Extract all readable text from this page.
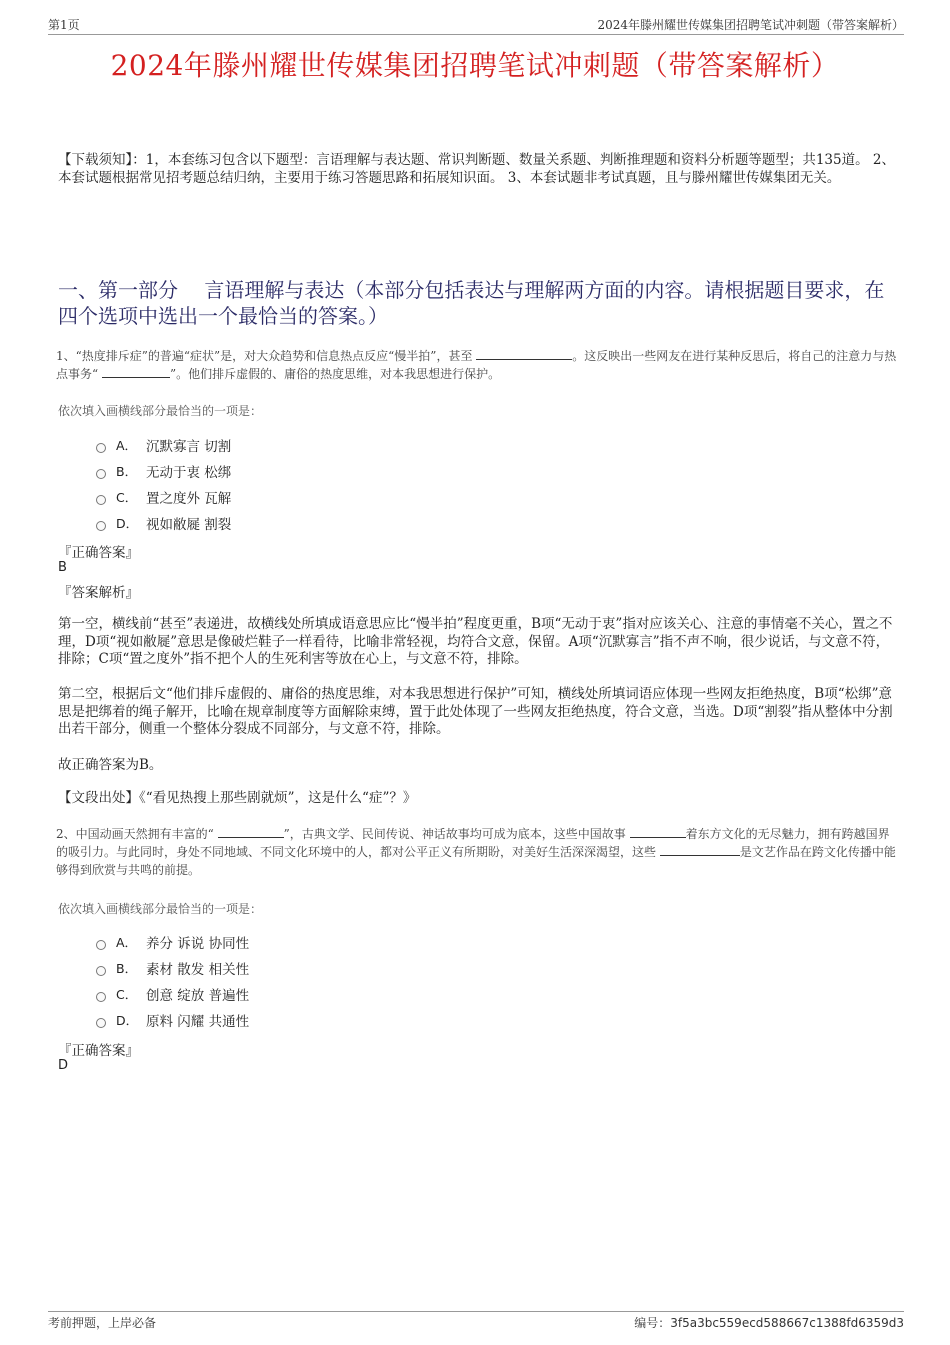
第1页	2024年滕州耀世传媒集团招聘笔试冲刺题（带答案解析）
2024年滕州耀世传媒集团招聘笔试冲刺题（带答案解析）
【下载须知】：1，本套练习包含以下题型：言语理解与表达题、常识判断题、数量关系题、判断推理题和资料分析题等题型；共135道。 2、本套试题根据常见招考题总结归纳，主要用于练习答题思路和拓展知识面。 3、本套试题非考试真题，且与滕州耀世传媒集团无关。
一、第一部分　 言语理解与表达（本部分包括表达与理解两方面的内容。请根据题目要求，在四个选项中选出一个最恰当的答案。）
1、“热度排斥症”的普遍“症状”是，对大众趋势和信息热点反应“慢半拍”，甚至	。这反映出一些网友在进行某种反思后，将自己的注意力与热点事务“	”。他们排斥虚假的、庸俗的热度思维，对本我思想进行保护。
依次填入画横线部分最恰当的一项是：
A． 沉默寡言 切割
B． 无动于衷 松绑
C． 置之度外 瓦解
D． 视如敝屣 割裂
『正确答案』
B
『答案解析』
第一空，横线前“甚至”表递进，故横线处所填成语意思应比“慢半拍”程度更重，B项“无动于衷”指对应该关心、注意的事情毫不关心，置之不理，D项“视如敝屣”意思是像破烂鞋子一样看待，比喻非常轻视，均符合文意，保留。A项“沉默寡言”指不声不响，很少说话，与文意不符，排除；C项“置之度外”指不把个人的生死利害等放在心上，与文意不符，排除。
第二空，根据后文“他们排斥虚假的、庸俗的热度思维，对本我思想进行保护”可知，横线处所填词语应体现一些网友拒绝热度，B项“松绑”意思是把绑着的绳子解开，比喻在规章制度等方面解除束缚，置于此处体现了一些网友拒绝热度，符合文意，当选。D项“割裂”指从整体中分割出若干部分，侧重一个整体分裂成不同部分，与文意不符，排除。
故正确答案为B。
【文段出处】《“看见热搜上那些剧就烦”，这是什么“症”？》
2、中国动画天然拥有丰富的“	”，古典文学、民间传说、神话故事均可成为底本，这些中国故事	着东方文化的无尽魅力，拥有跨越国界的吸引力。与此同时，身处不同地域、不同文化环境中的人，都对公平正义有所期盼，对美好生活深深渴望，这些	是文艺作品在跨文化传播中能够得到欣赏与共鸣的前提。
依次填入画横线部分最恰当的一项是：
A． 养分 诉说 协同性
B． 素材 散发 相关性
C． 创意 绽放 普遍性
D． 原料 闪耀 共通性
『正确答案』
D
考前押题，上岸必备	编号：3f5a3bc559ecd588667c1388fd6359d3
